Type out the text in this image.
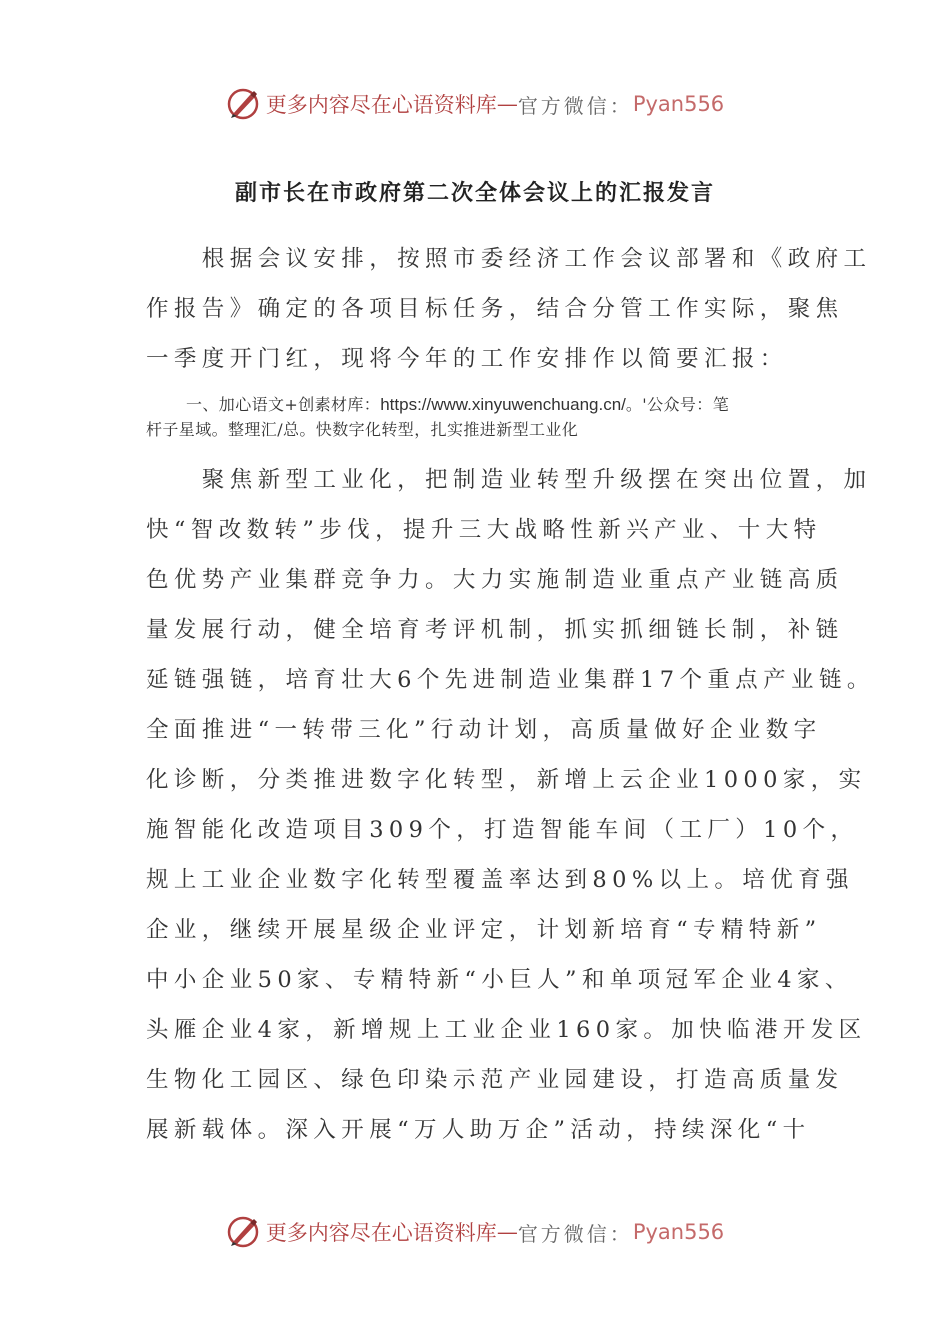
更多内容尽在心语资料库 — 官方微信： Pyan556
副市长在市政府第二次全体会议上的汇报发言

　　根据会议安排，按照市委经济工作会议部署和《政府工
作报告》确定的各项目标任务，结合分管工作实际，聚焦
一季度开门红，现将今年的工作安排作以简要汇报：

一、加心语文+创素材库：https://www.xinyuwenchuang.cn/。'公众号：笔
杆子星域。整理汇/总。快数字化转型，扎实推进新型工业化

　　聚焦新型工业化，把制造业转型升级摆在突出位置，加
快“智改数转”步伐，提升三大战略性新兴产业、十大特
色优势产业集群竞争力。大力实施制造业重点产业链高质
量发展行动，健全培育考评机制，抓实抓细链长制，补链
延链强链，培育壮大6个先进制造业集群17个重点产业链。
全面推进“一转带三化”行动计划，高质量做好企业数字
化诊断，分类推进数字化转型，新增上云企业1000家，实
施智能化改造项目309个，打造智能车间（工厂）10个，
规上工业企业数字化转型覆盖率达到80%以上。培优育强
企业，继续开展星级企业评定，计划新培育“专精特新”
中小企业50家、专精特新“小巨人”和单项冠军企业4家、
头雁企业4家，新增规上工业企业160家。加快临港开发区
生物化工园区、绿色印染示范产业园建设，打造高质量发
展新载体。深入开展“万人助万企”活动，持续深化“十

更多内容尽在心语资料库 — 官方微信： Pyan556
